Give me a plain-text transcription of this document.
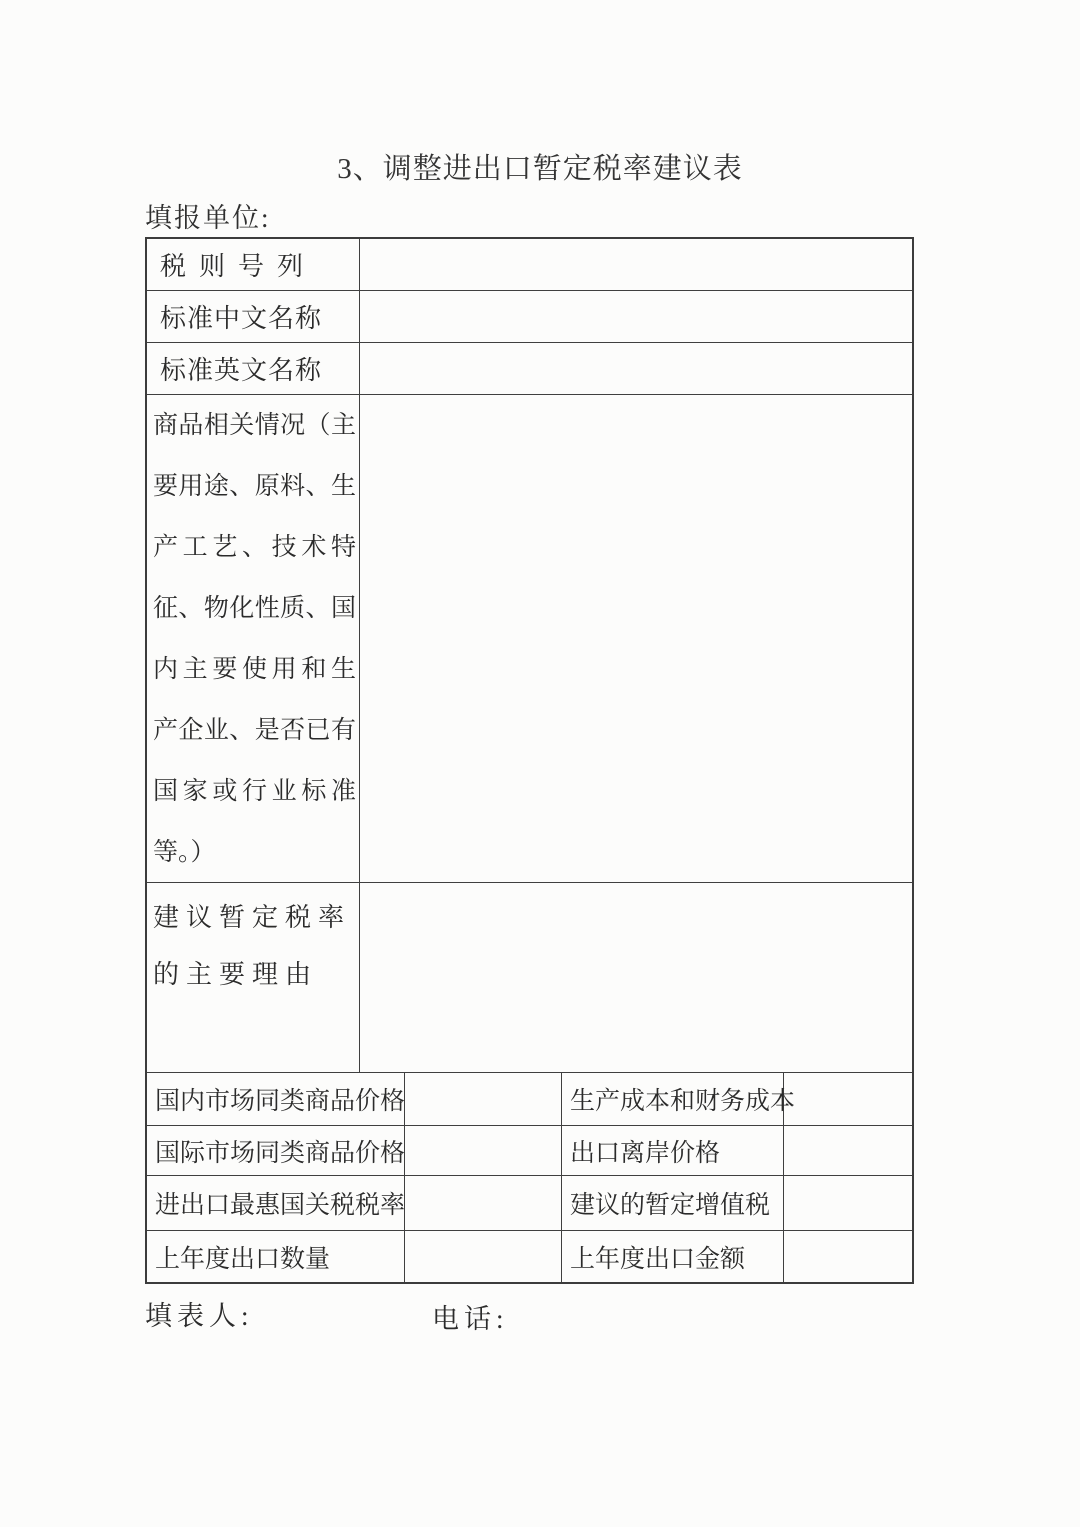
3、调整进出口暂定税率建议表
填报单位:
税则号列
标准中文名称
标准英文名称
商品相关情况（主
要用途、原料、生
产工艺、技术特
征、物化性质、国
内主要使用和生
产企业、是否已有
国家或行业标准
等。）
建议暂定税率
的主要理由
国内市场同类商品价格	生产成本和财务成本
国际市场同类商品价格	出口离岸价格
进出口最惠国关税税率	建议的暂定增值税
上年度出口数量	上年度出口金额
填表人:	电话:
